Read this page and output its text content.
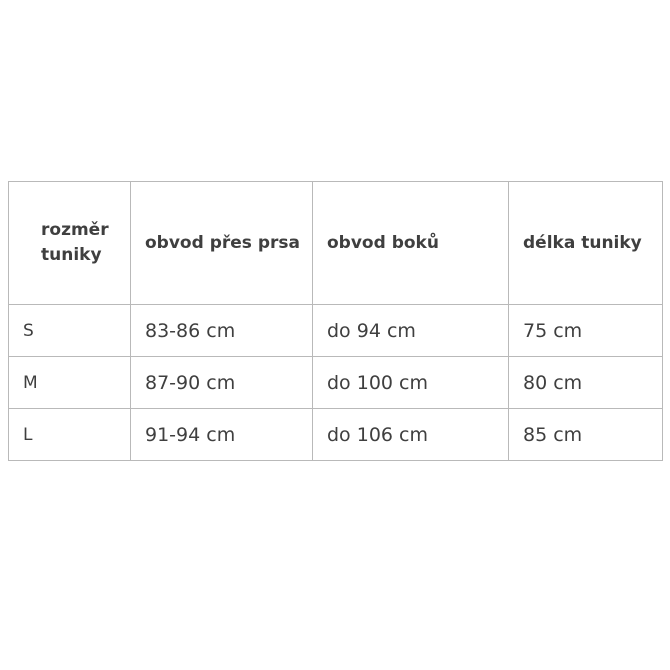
rozměr tuniky	obvod přes prsa	obvod boků	délka tuniky
S	83-86 cm	do 94 cm	75 cm
M	87-90 cm	do 100 cm	80 cm
L	91-94 cm	do 106 cm	85 cm
